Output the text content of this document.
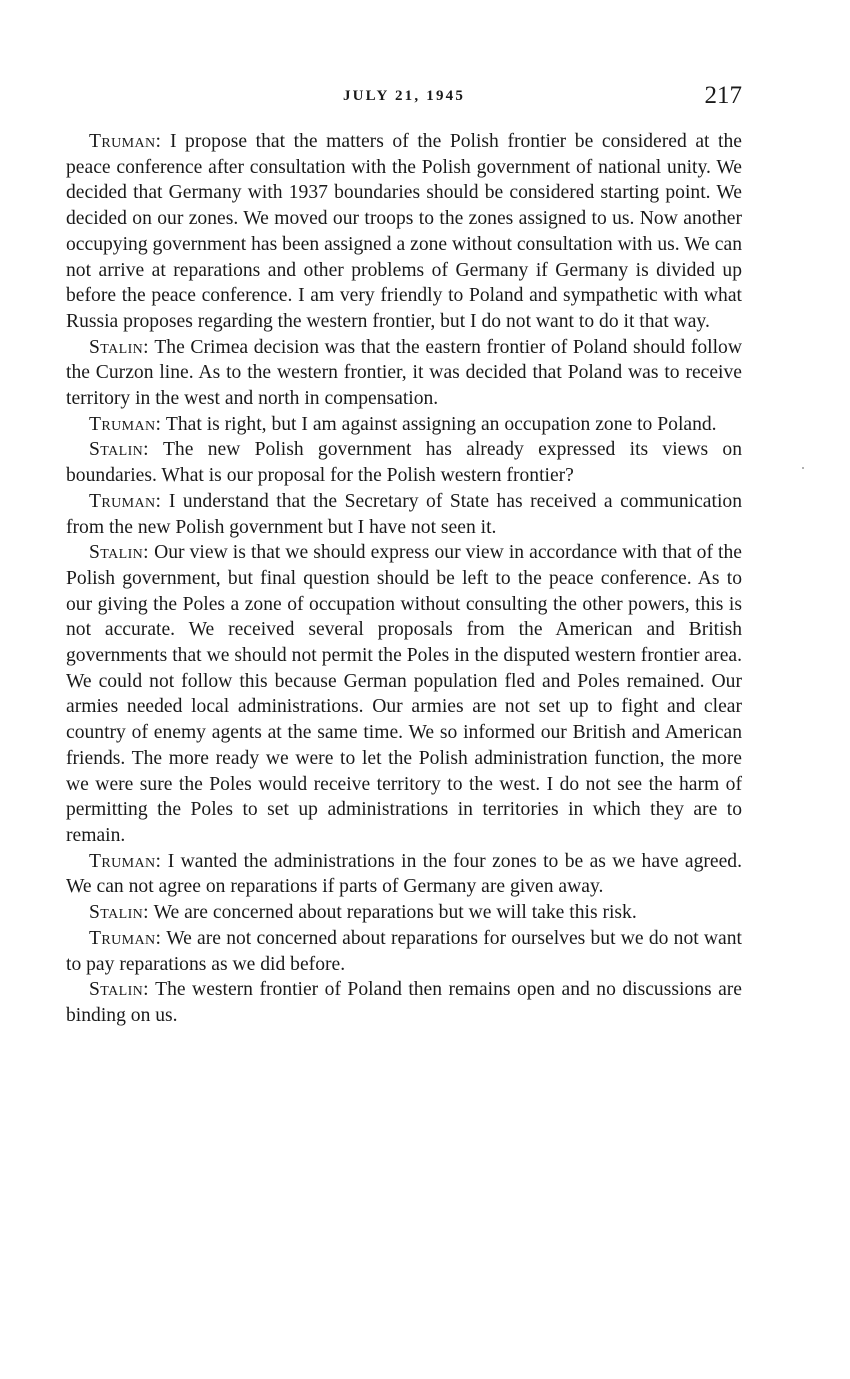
JULY 21, 1945	217

Truman: I propose that the matters of the Polish frontier be considered at the peace conference after consultation with the Polish government of national unity. We decided that Germany with 1937 boundaries should be considered starting point. We decided on our zones. We moved our troops to the zones assigned to us. Now another occupying government has been assigned a zone without consultation with us. We can not arrive at reparations and other problems of Germany if Germany is divided up before the peace conference. I am very friendly to Poland and sympathetic with what Russia proposes regarding the western frontier, but I do not want to do it that way.

Stalin: The Crimea decision was that the eastern frontier of Poland should follow the Curzon line. As to the western frontier, it was decided that Poland was to receive territory in the west and north in compensation.

Truman: That is right, but I am against assigning an occupation zone to Poland.

Stalin: The new Polish government has already expressed its views on boundaries. What is our proposal for the Polish western frontier?

Truman: I understand that the Secretary of State has received a communication from the new Polish government but I have not seen it.

Stalin: Our view is that we should express our view in accordance with that of the Polish government, but final question should be left to the peace conference. As to our giving the Poles a zone of occupation without consulting the other powers, this is not accurate. We received several proposals from the American and British governments that we should not permit the Poles in the disputed western frontier area. We could not follow this because German population fled and Poles remained. Our armies needed local administrations. Our armies are not set up to fight and clear country of enemy agents at the same time. We so informed our British and American friends. The more ready we were to let the Polish administration function, the more we were sure the Poles would receive territory to the west. I do not see the harm of permitting the Poles to set up administrations in territories in which they are to remain.

Truman: I wanted the administrations in the four zones to be as we have agreed. We can not agree on reparations if parts of Germany are given away.

Stalin: We are concerned about reparations but we will take this risk.

Truman: We are not concerned about reparations for ourselves but we do not want to pay reparations as we did before.

Stalin: The western frontier of Poland then remains open and no discussions are binding on us.
